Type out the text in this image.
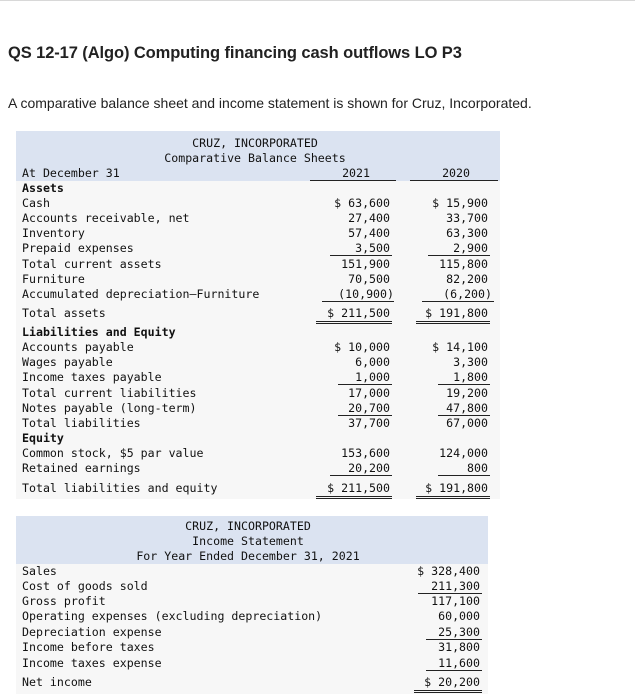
QS 12-17 (Algo) Computing financing cash outflows LO P3

A comparative balance sheet and income statement is shown for Cruz, Incorporated.

CRUZ, INCORPORATED
Comparative Balance Sheets
At December 31	2021	2020
Assets
Cash	$ 63,600	$ 15,900
Accounts receivable, net	27,400	33,700
Inventory	57,400	63,300
Prepaid expenses	3,500	2,900
Total current assets	151,900	115,800
Furniture	70,500	82,200
Accumulated depreciation—Furniture	(10,900)	(6,200)
Total assets	$ 211,500	$ 191,800
Liabilities and Equity
Accounts payable	$ 10,000	$ 14,100
Wages payable	6,000	3,300
Income taxes payable	1,000	1,800
Total current liabilities	17,000	19,200
Notes payable (long-term)	20,700	47,800
Total liabilities	37,700	67,000
Equity
Common stock, $5 par value	153,600	124,000
Retained earnings	20,200	800
Total liabilities and equity	$ 211,500	$ 191,800
CRUZ, INCORPORATED
Income Statement
For Year Ended December 31, 2021
Sales	$ 328,400
Cost of goods sold	211,300
Gross profit	117,100
Operating expenses (excluding depreciation)	60,000
Depreciation expense	25,300
Income before taxes	31,800
Income taxes expense	11,600
Net income	$ 20,200
